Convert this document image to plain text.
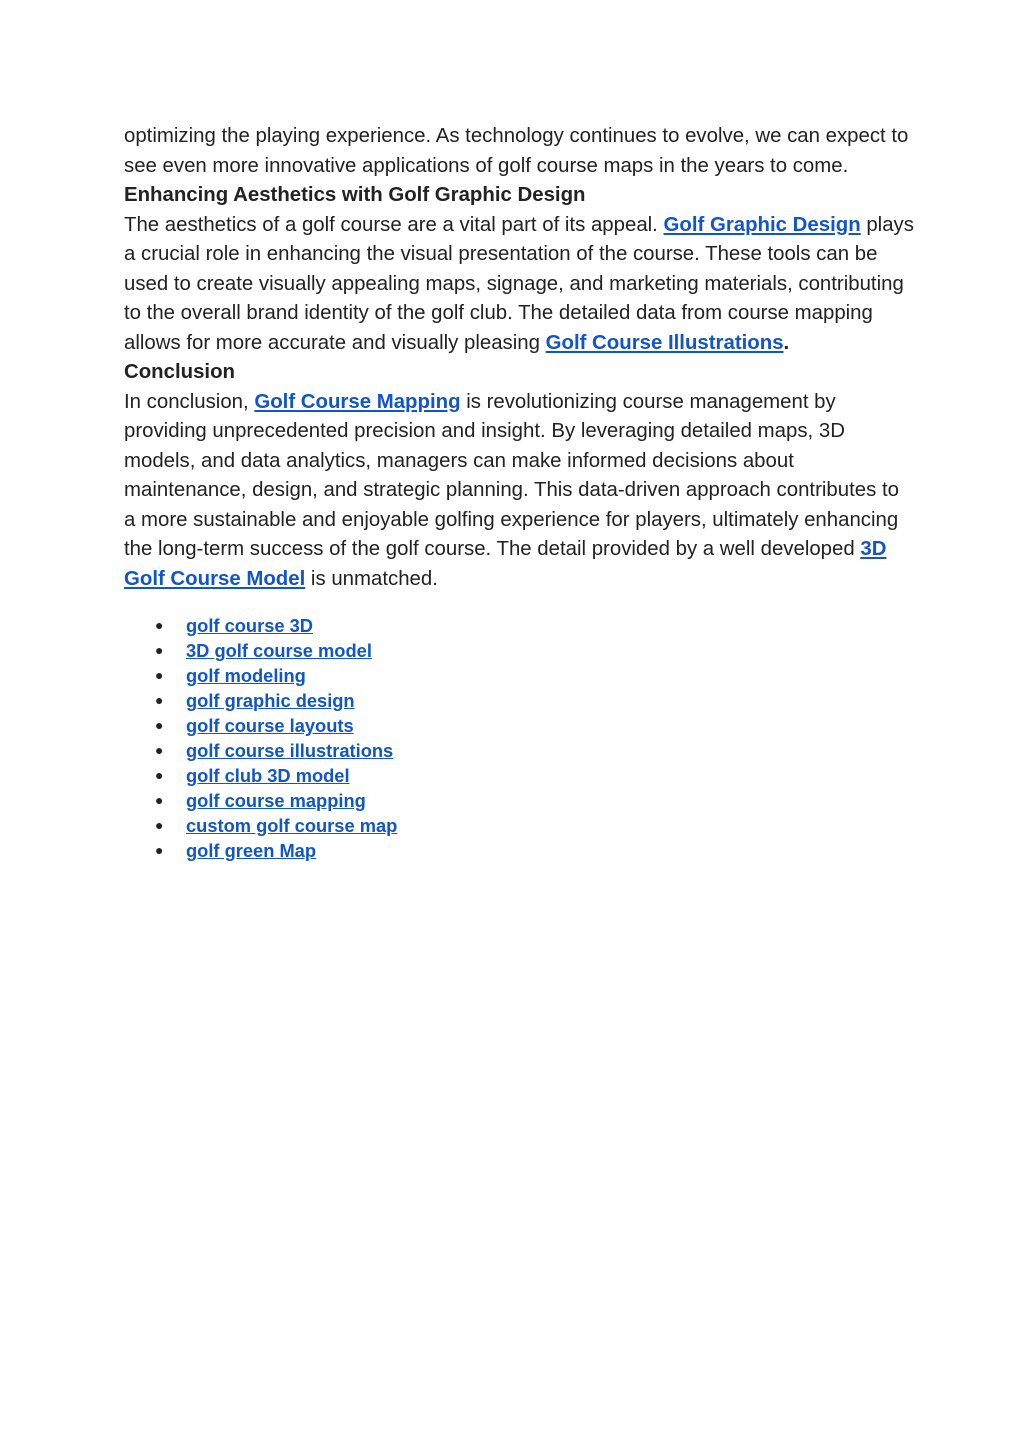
optimizing the playing experience. As technology continues to evolve, we can expect to see even more innovative applications of golf course maps in the years to come.

Enhancing Aesthetics with Golf Graphic Design

The aesthetics of a golf course are a vital part of its appeal. Golf Graphic Design plays a crucial role in enhancing the visual presentation of the course. These tools can be used to create visually appealing maps, signage, and marketing materials, contributing to the overall brand identity of the golf club. The detailed data from course mapping allows for more accurate and visually pleasing Golf Course Illustrations.

Conclusion

In conclusion, Golf Course Mapping is revolutionizing course management by providing unprecedented precision and insight. By leveraging detailed maps, 3D models, and data analytics, managers can make informed decisions about maintenance, design, and strategic planning. This data-driven approach contributes to a more sustainable and enjoyable golfing experience for players, ultimately enhancing the long-term success of the golf course. The detail provided by a well developed 3D Golf Course Model is unmatched.

● golf course 3D
● 3D golf course model
● golf modeling
● golf graphic design
● golf course layouts
● golf course illustrations
● golf club 3D model
● golf course mapping
● custom golf course map
● golf green Map
